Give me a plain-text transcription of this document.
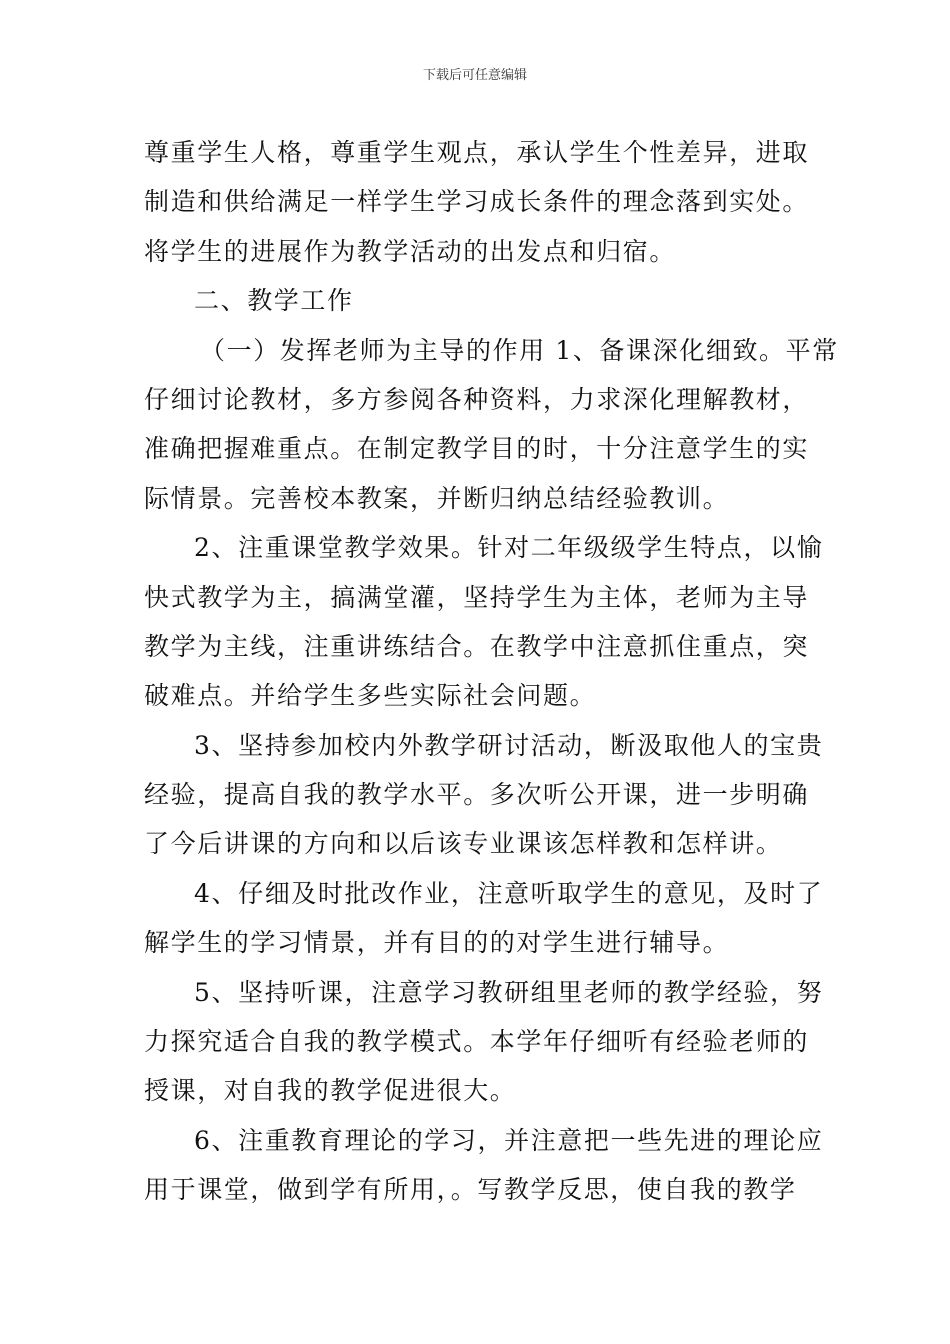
下载后可任意编辑
尊重学生人格，尊重学生观点，承认学生个性差异，进取
制造和供给满足一样学生学习成长条件的理念落到实处。
将学生的进展作为教学活动的出发点和归宿。
二、教学工作
（一）发挥老师为主导的作用 1、备课深化细致。平常
仔细讨论教材，多方参阅各种资料，力求深化理解教材，
准确把握难重点。在制定教学目的时，十分注意学生的实
际情景。完善校本教案，并断归纳总结经验教训。
2、注重课堂教学效果。针对二年级级学生特点，以愉
快式教学为主，搞满堂灌，坚持学生为主体，老师为主导
教学为主线，注重讲练结合。在教学中注意抓住重点，突
破难点。并给学生多些实际社会问题。
3、坚持参加校内外教学研讨活动，断汲取他人的宝贵
经验，提高自我的教学水平。多次听公开课，进一步明确
了今后讲课的方向和以后该专业课该怎样教和怎样讲。
4、仔细及时批改作业，注意听取学生的意见，及时了
解学生的学习情景，并有目的的对学生进行辅导。
5、坚持听课，注意学习教研组里老师的教学经验，努
力探究适合自我的教学模式。本学年仔细听有经验老师的
授课，对自我的教学促进很大。
6、注重教育理论的学习，并注意把一些先进的理论应
用于课堂，做到学有所用，。写教学反思，使自我的教学
